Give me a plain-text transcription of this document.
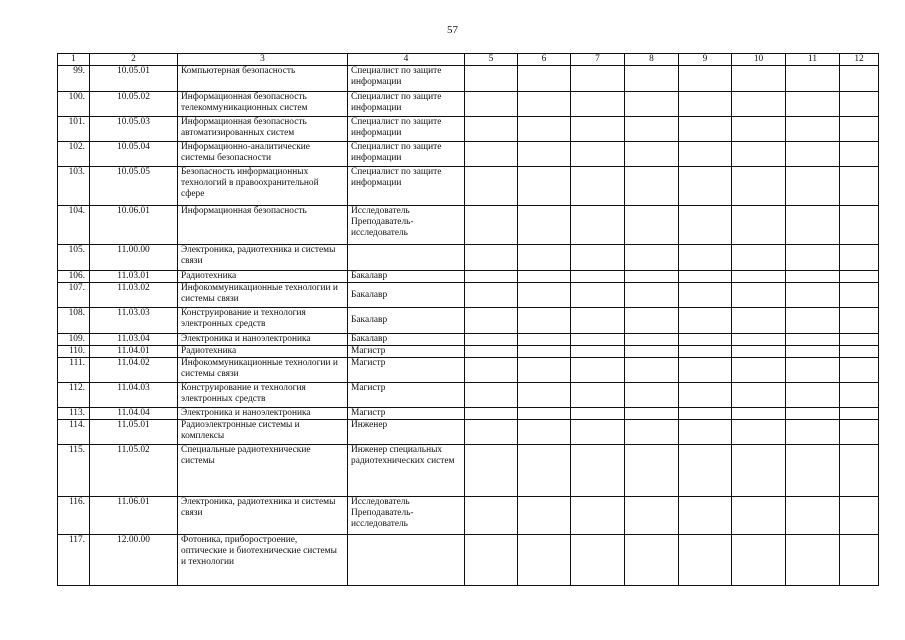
57
1	2	3	4	5	6	7	8	9	10	11	12
99.	10.05.01	Компьютерная безопасность	Специалист по защите информации								
100.	10.05.02	Информационная безопасность телекоммуникационных систем	Специалист по защите информации								
101.	10.05.03	Информационная безопасность автоматизированных систем	Специалист по защите информации								
102.	10.05.04	Информационно-аналитические системы безопасности	Специалист по защите информации								
103.	10.05.05	Безопасность информационных технологий в правоохранительной сфере	Специалист по защите информации								
104.	10.06.01	Информационная безопасность	Исследователь Преподаватель-исследователь								
105.	11.00.00	Электроника, радиотехника и системы связи									
106.	11.03.01	Радиотехника	Бакалавр								
107.	11.03.02	Инфокоммуникационные технологии и системы связи	Бакалавр								
108.	11.03.03	Конструирование и технология электронных средств	Бакалавр								
109.	11.03.04	Электроника и наноэлектроника	Бакалавр								
110.	11.04.01	Радиотехника	Магистр								
111.	11.04.02	Инфокоммуникационные технологии и системы связи	Магистр								
112.	11.04.03	Конструирование и технология электронных средств	Магистр								
113.	11.04.04	Электроника и наноэлектроника	Магистр								
114.	11.05.01	Радиоэлектронные системы и комплексы	Инженер								
115.	11.05.02	Специальные радиотехнические системы	Инженер специальных радиотехнических систем								
116.	11.06.01	Электроника, радиотехника и системы связи	Исследователь Преподаватель-исследователь								
117.	12.00.00	Фотоника, приборостроение, оптические и биотехнические системы и технологии									
